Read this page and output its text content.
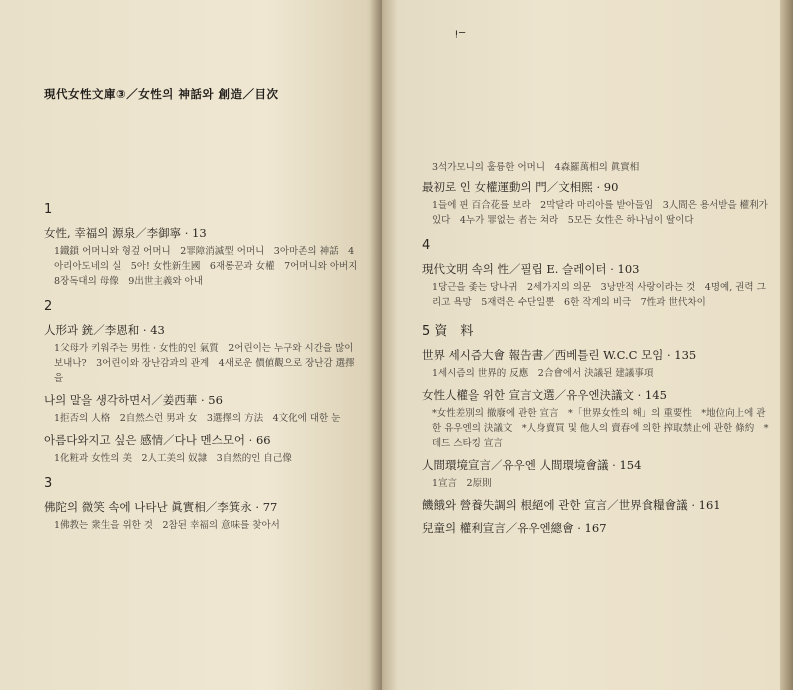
現代女性文庫③／女性의 神話와 創造／目次
1
女性, 幸福의 源泉／李御寧 · 13
1鐵鎖 어머니와 형겊 어머니　2罪障消滅型 어머니　3아마존의 神話　4아리아도네의 실　5아! 女性新生國　6재롱꾼과 女權　7어머니와 아버지　8장독대의 母像　9出世主義와 아내
2
人形과 銃／李恩和 · 43
1父母가 키워주는 男性 · 女性的인 氣質　2어린이는 누구와 시간을 많이 보내나?　3어린이와 장난감과의 관계　4새로운 價値觀으로 장난감 選擇을
나의 말을 생각하면서／姜西華 · 56
1拒否의 人格　2自然스런 男과 女　3選擇의 方法　4文化에 대한 눈
아름다와지고 싶은 感情／다나 멘스모어 · 66
1化粧과 女性의 美　2人工美의 奴隷　3自然的인 自己像
3
佛陀의 微笑 속에 나타난 眞實相／李箕永 · 77
1佛教는 衆生을 위한 것　2참된 幸福의 意味를 찾아서
3석가모니의 훌륭한 어머니　4森羅萬相의 眞實相
最初로 인 女權運動의 門／文相熙 · 90
1들에 핀 百合花를 보라　2막달라 마리아를 받아들임　3人間은 용서받을 權利가 있다　4누가 罪없는 者는 쳐라　5모든 女性은 하나님이 딸이다
4
現代文明 속의 性／필립 E. 슬레이터 · 103
1당근을 좇는 당나귀　2세가지의 의문　3낭만적 사랑이라는 것　4명예, 권력 그리고 욕망　5재력은 수단일뿐　6한 작계의 비극　7性과 世代차이
5 資　料
世界 세시즘大會 報告書／西베틀린 W.C.C 모임 · 135
1세시즘의 世界的 反應　2合會에서 決議된 建議事項
女性人權을 위한 宣言文選／유우엔決議文 · 145
*女性差別의 撤廢에 관한 宣言　*「世界女性의 해」의 重要性　*地位向上에 관한 유우엔의 決議文　*人身賣買 및 他人의 賣春에 의한 搾取禁止에 관한 條約　*데드 스타킹 宣言
人間環境宣言／유우엔 人間環境會議 · 154
1宣言　2原則
饑餓와 營養失調의 根絕에 관한 宣言／世界食糧會議 · 161
兒童의 權利宣言／유우엔總會 · 167
ᵎ⁻
